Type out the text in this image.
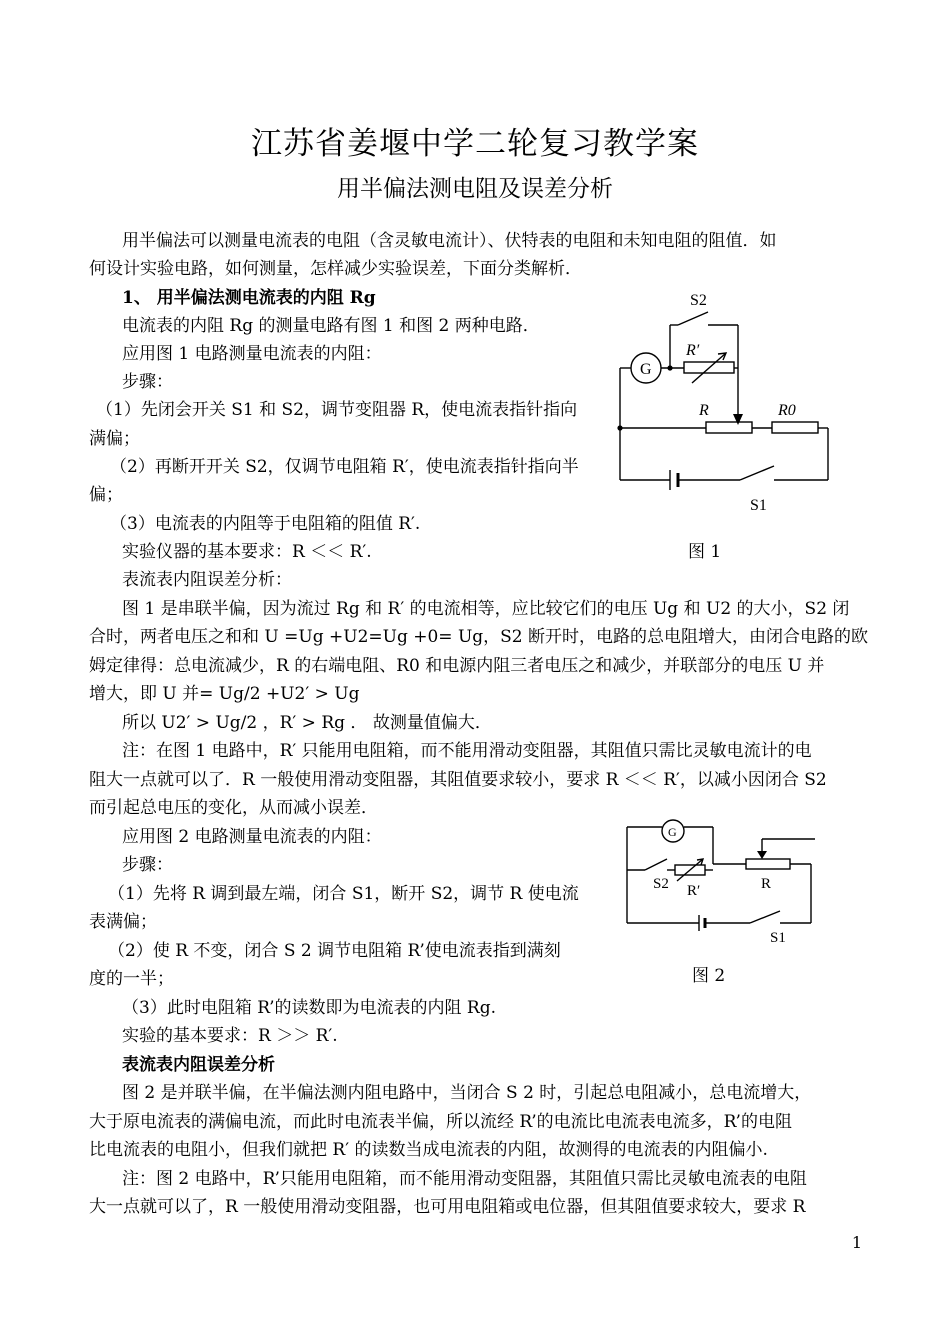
江苏省姜堰中学二轮复习教学案
用半偏法测电阻及误差分析
用半偏法可以测量电流表的电阻（含灵敏电流计）、伏特表的电阻和未知电阻的阻值．如
何设计实验电路，如何测量，怎样减少实验误差，下面分类解析．
1、 用半偏法测电流表的内阻 Rg
电流表的内阻 Rg 的测量电路有图 1 和图 2 两种电路．
应用图 1 电路测量电流表的内阻：
步骤：
（1）先闭会开关 S1 和 S2，调节变阻器 R，使电流表指针指向
满偏；
（2）再断开开关 S2，仅调节电阻箱 R′，使电流表指针指向半
偏；
（3）电流表的内阻等于电阻箱的阻值 R′.
实验仪器的基本要求：R ＜＜ R′.
表流表内阻误差分析：
图 1 是串联半偏，因为流过 Rg 和 R′ 的电流相等，应比较它们的电压 Ug 和 U2 的大小，S2 闭
合时，两者电压之和和 U =Ug +U2=Ug +0= Ug，S2 断开时，电路的总电阻增大，由闭合电路的欧
姆定律得：总电流减少，R 的右端电阻、R0 和电源内阻三者电压之和减少，并联部分的电压 U 并
增大，即 U 并= Ug/2 +U2′ > Ug
所以 U2′ > Ug/2 ，R′ > Rg ． 故测量值偏大．
注：在图 1 电路中，R′ 只能用电阻箱，而不能用滑动变阻器，其阻值只需比灵敏电流计的电
阻大一点就可以了．R 一般使用滑动变阻器，其阻值要求较小，要求 R ＜＜ R′，以减小因闭合 S2
而引起总电压的变化，从而减小误差．
应用图 2 电路测量电流表的内阻：
步骤：
（1）先将 R 调到最左端，闭合 S1，断开 S2，调节 R 使电流
表满偏；
（2）使 R 不变，闭合 S 2 调节电阻箱 R’使电流表指到满刻
度的一半；
（3）此时电阻箱 R’的读数即为电流表的内阻 Rg.
实验的基本要求：R ＞＞ R′.
表流表内阻误差分析
图 2 是并联半偏，在半偏法测内阻电路中，当闭合 S 2 时，引起总电阻减小，总电流增大，
大于原电流表的满偏电流，而此时电流表半偏，所以流经 R’的电流比电流表电流多，R’的电阻
比电流表的电阻小，但我们就把 R′ 的读数当成电流表的内阻，故测得的电流表的内阻偏小.
注：图 2 电路中，R’只能用电阻箱，而不能用滑动变阻器，其阻值只需比灵敏电流表的电阻
大一点就可以了，R 一般使用滑动变阻器，也可用电阻箱或电位器，但其阻值要求较大，要求 R
S2
G
R′
R	R0
S1
图 1
G
S2 R′	R
S1
图 2
1
